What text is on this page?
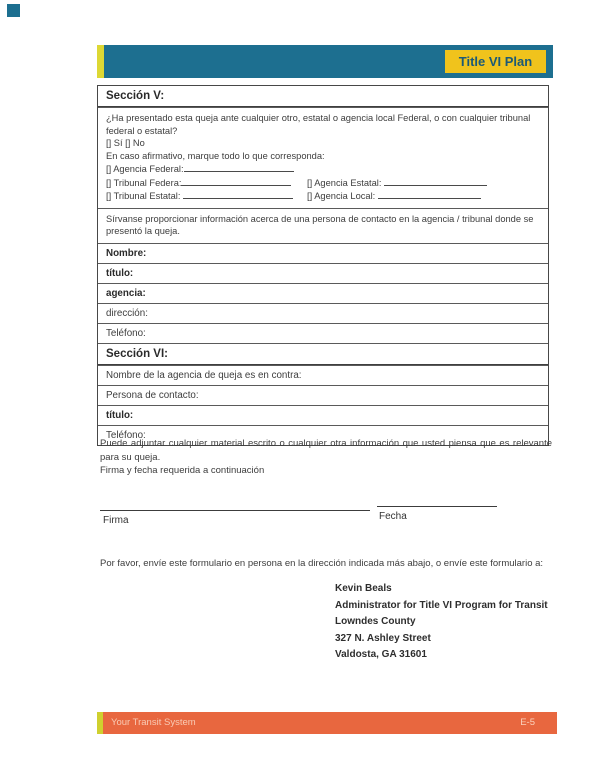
Title VI Plan
Sección V:

¿Ha presentado esta queja ante cualquier otro, estatal o agencia local Federal, o con cualquier tribunal federal o estatal?

[] Sí [] No

En caso afirmativo, marque todo lo que corresponda:

[] Agencia Federal:

[] Tribunal Federa:	[] Agencia Estatal:

[] Tribunal Estatal:	[] Agencia Local:

Sírvanse proporcionar información acerca de una persona de contacto en la agencia / tribunal donde se presentó la queja.

Nombre:
título:
agencia:
dirección:
Teléfono:
Sección VI:
Nombre de la agencia de queja es en contra:
Persona de contacto:
título:
Teléfono:

Puede adjuntar cualquier material escrito o cualquier otra información que usted piensa que es relevante para su queja.

Firma y fecha requerida a continuación

Firma	Fecha
Por favor, envíe este formulario en persona en la dirección indicada más abajo, o envíe este formulario a:
Kevin Beals
Administrator for Title VI Program for Transit
Lowndes County
327 N. Ashley Street
Valdosta, GA 31601
Your Transit System	E-5
